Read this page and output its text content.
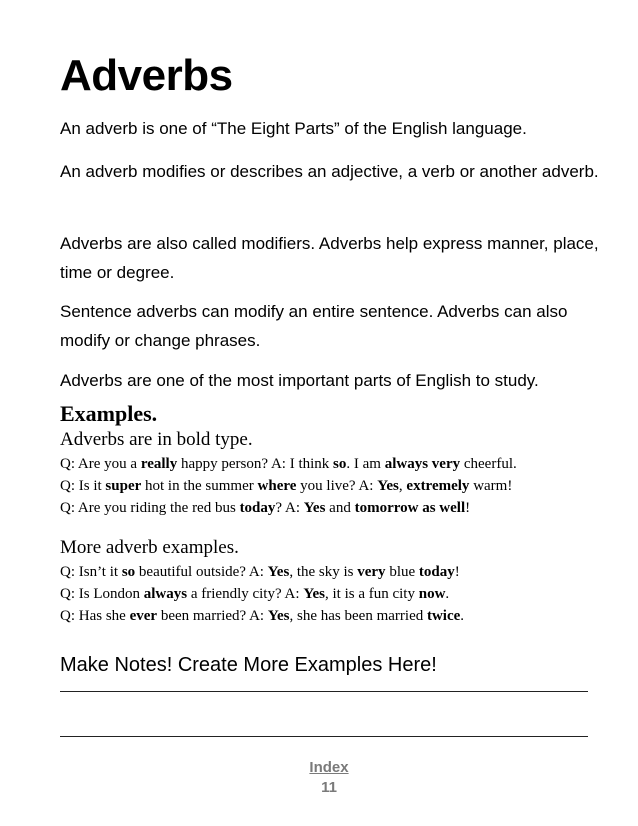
Adverbs

An adverb is one of “The Eight Parts” of the English language.

An adverb modifies or describes an adjective, a verb or another adverb.

Adverbs are also called modifiers. Adverbs help express manner, place, time or degree.

Sentence adverbs can modify an entire sentence. Adverbs can also modify or change phrases.

Adverbs are one of the most important parts of English to study.

Examples.

Adverbs are in bold type.

Q: Are you a really happy person? A: I think so. I am always very cheerful.
Q: Is it super hot in the summer where you live? A: Yes, extremely warm!
Q: Are you riding the red bus today? A: Yes and tomorrow as well!

More adverb examples.

Q: Isn’t it so beautiful outside? A: Yes, the sky is very blue today!
Q: Is London always a friendly city? A: Yes, it is a fun city now.
Q: Has she ever been married? A: Yes, she has been married twice.

Make Notes! Create More Examples Here!

Index
11
